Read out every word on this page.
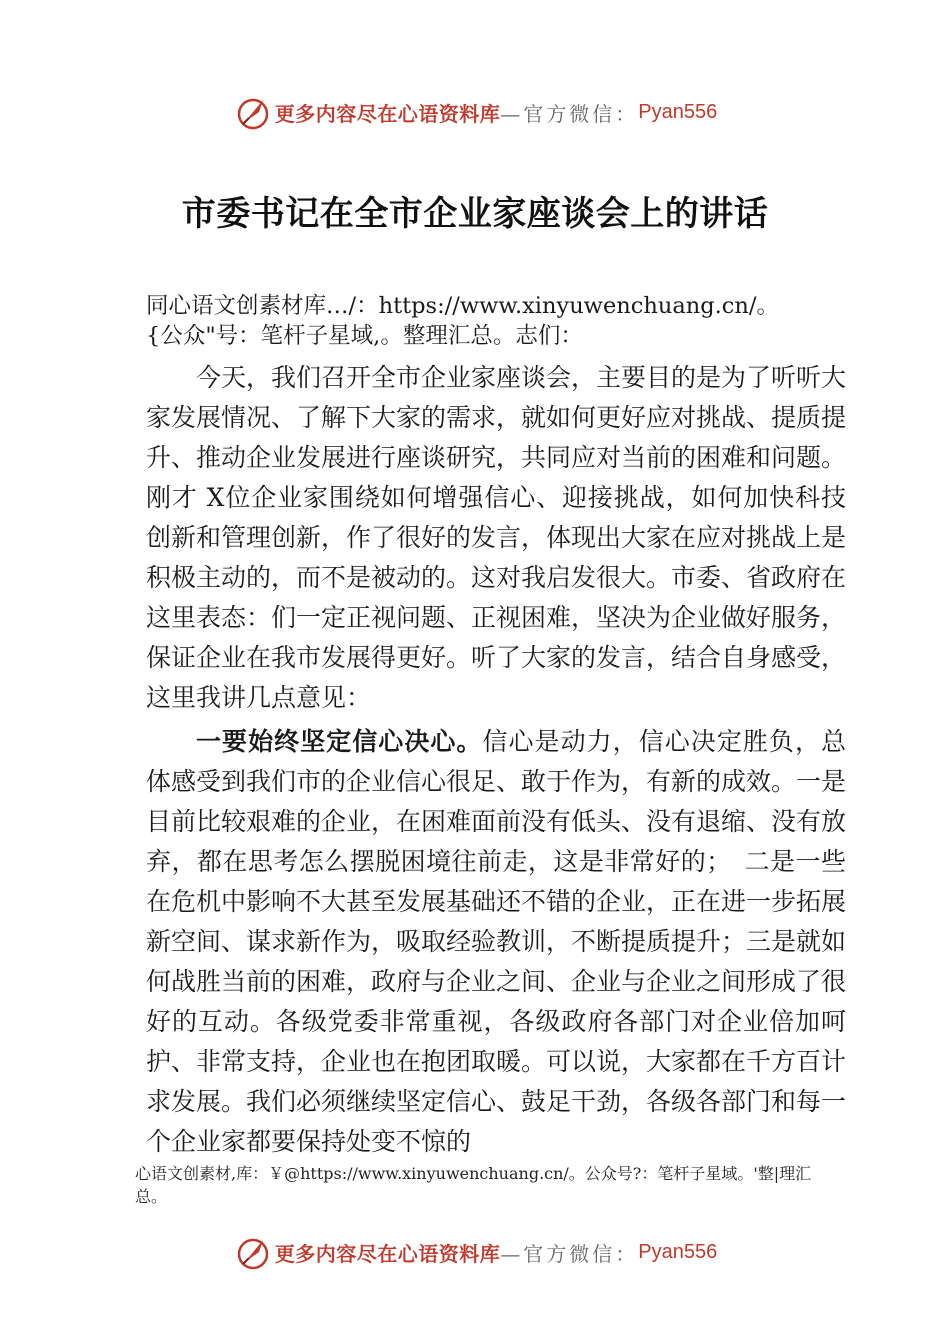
更多内容尽在心语资料库 —官方微信： Pyan556
市委书记在全市企业家座谈会上的讲话
同心语文创素材库…/：https://www.xinyuwenchuang.cn/。
{公众"号：笔杆子星域,。整理汇总。志们：

今天，我们召开全市企业家座谈会，主要目的是为了听听大家发展情况、了解下大家的需求，就如何更好应对挑战、提质提升、推动企业发展进行座谈研究，共同应对当前的困难和问题。刚才 X位企业家围绕如何增强信心、迎接挑战，如何加快科技创新和管理创新，作了很好的发言，体现出大家在应对挑战上是积极主动的，而不是被动的。这对我启发很大。市委、省政府在这里表态：们一定正视问题、正视困难，坚决为企业做好服务，保证企业在我市发展得更好。听了大家的发言，结合自身感受，这里我讲几点意见：

一要始终坚定信心决心。信心是动力，信心决定胜负，总体感受到我们市的企业信心很足、敢于作为，有新的成效。一是目前比较艰难的企业，在困难面前没有低头、没有退缩、没有放弃，都在思考怎么摆脱困境往前走，这是非常好的；　二是一些在危机中影响不大甚至发展基础还不错的企业，正在进一步拓展新空间、谋求新作为，吸取经验教训，不断提质提升；三是就如何战胜当前的困难，政府与企业之间、企业与企业之间形成了很好的互动。各级党委非常重视，各级政府各部门对企业倍加呵护、非常支持，企业也在抱团取暖。可以说，大家都在千方百计求发展。我们必须继续坚定信心、鼓足干劲，各级各部门和每一个企业家都要保持处变不惊的

心语文创素材,库：￥@https://www.xinyuwenchuang.cn/。公众号?：笔杆子星域。'整|理汇总。
更多内容尽在心语资料库 —官方微信： Pyan556
